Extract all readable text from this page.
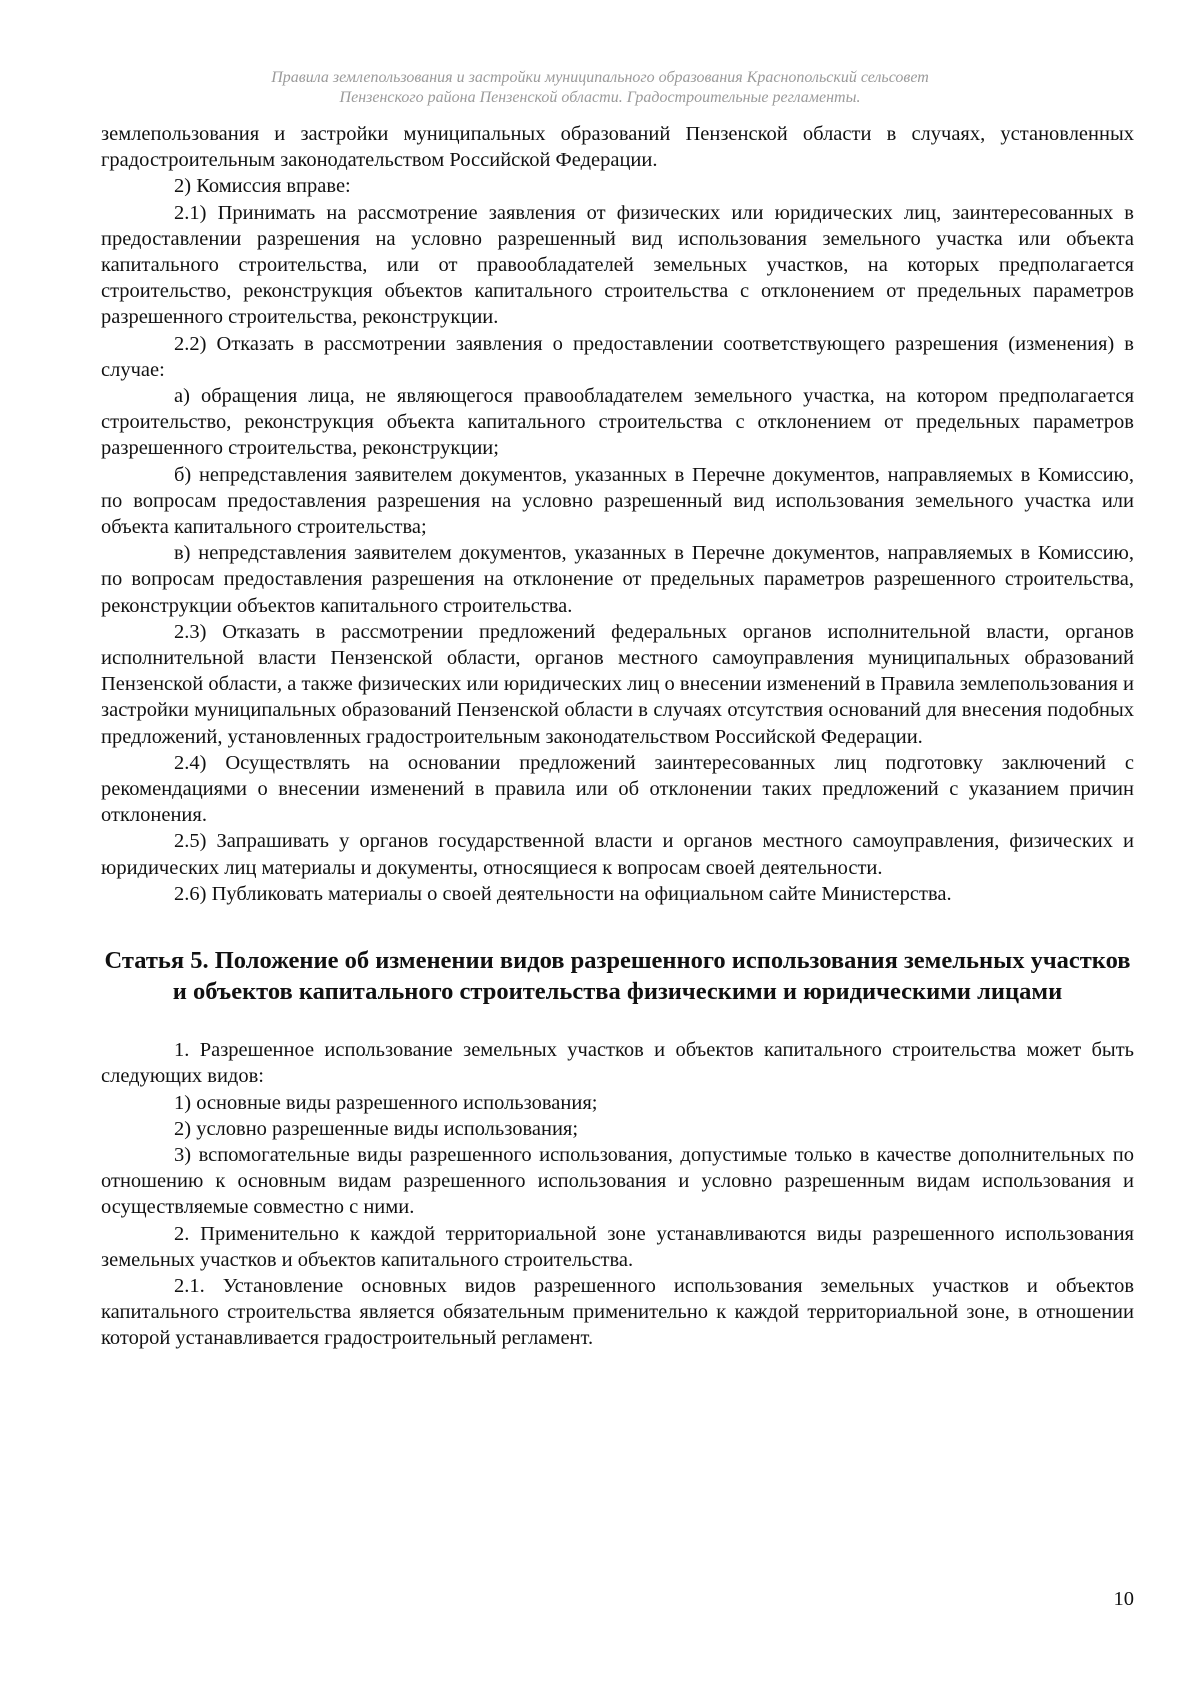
Правила землепользования и застройки муниципального образования Краснопольский сельсовет
Пензенского района Пензенской области. Градостроительные регламенты.

землепользования и застройки муниципальных образований Пензенской области в случаях, установленных градостроительным законодательством Российской Федерации.

2) Комиссия вправе:

2.1) Принимать на рассмотрение заявления от физических или юридических лиц, заинтересованных в предоставлении разрешения на условно разрешенный вид использования земельного участка или объекта капитального строительства, или от правообладателей земельных участков, на которых предполагается строительство, реконструкция объектов капитального строительства с отклонением от предельных параметров разрешенного строительства, реконструкции.

2.2) Отказать в рассмотрении заявления о предоставлении соответствующего разрешения (изменения) в случае:

а) обращения лица, не являющегося правообладателем земельного участка, на котором предполагается строительство, реконструкция объекта капитального строительства с отклонением от предельных параметров разрешенного строительства, реконструкции;

б) непредставления заявителем документов, указанных в Перечне документов, направляемых в Комиссию, по вопросам предоставления разрешения на условно разрешенный вид использования земельного участка или объекта капитального строительства;

в) непредставления заявителем документов, указанных в Перечне документов, направляемых в Комиссию, по вопросам предоставления разрешения на отклонение от предельных параметров разрешенного строительства, реконструкции объектов капитального строительства.

2.3) Отказать в рассмотрении предложений федеральных органов исполнительной власти, органов исполнительной власти Пензенской области, органов местного самоуправления муниципальных образований Пензенской области, а также физических или юридических лиц о внесении изменений в Правила землепользования и застройки муниципальных образований Пензенской области в случаях отсутствия оснований для внесения подобных предложений, установленных градостроительным законодательством Российской Федерации.

2.4) Осуществлять на основании предложений заинтересованных лиц подготовку заключений с рекомендациями о внесении изменений в правила или об отклонении таких предложений с указанием причин отклонения.

2.5) Запрашивать у органов государственной власти и органов местного самоуправления, физических и юридических лиц материалы и документы, относящиеся к вопросам своей деятельности.

2.6) Публиковать материалы о своей деятельности на официальном сайте Министерства.

Статья 5. Положение об изменении видов разрешенного использования земельных участков и объектов капитального строительства физическими и юридическими лицами

1. Разрешенное использование земельных участков и объектов капитального строительства может быть следующих видов:

1) основные виды разрешенного использования;

2) условно разрешенные виды использования;

3) вспомогательные виды разрешенного использования, допустимые только в качестве дополнительных по отношению к основным видам разрешенного использования и условно разрешенным видам использования и осуществляемые совместно с ними.

2. Применительно к каждой территориальной зоне устанавливаются виды разрешенного использования земельных участков и объектов капитального строительства.

2.1. Установление основных видов разрешенного использования земельных участков и объектов капитального строительства является обязательным применительно к каждой территориальной зоне, в отношении которой устанавливается градостроительный регламент.

10
